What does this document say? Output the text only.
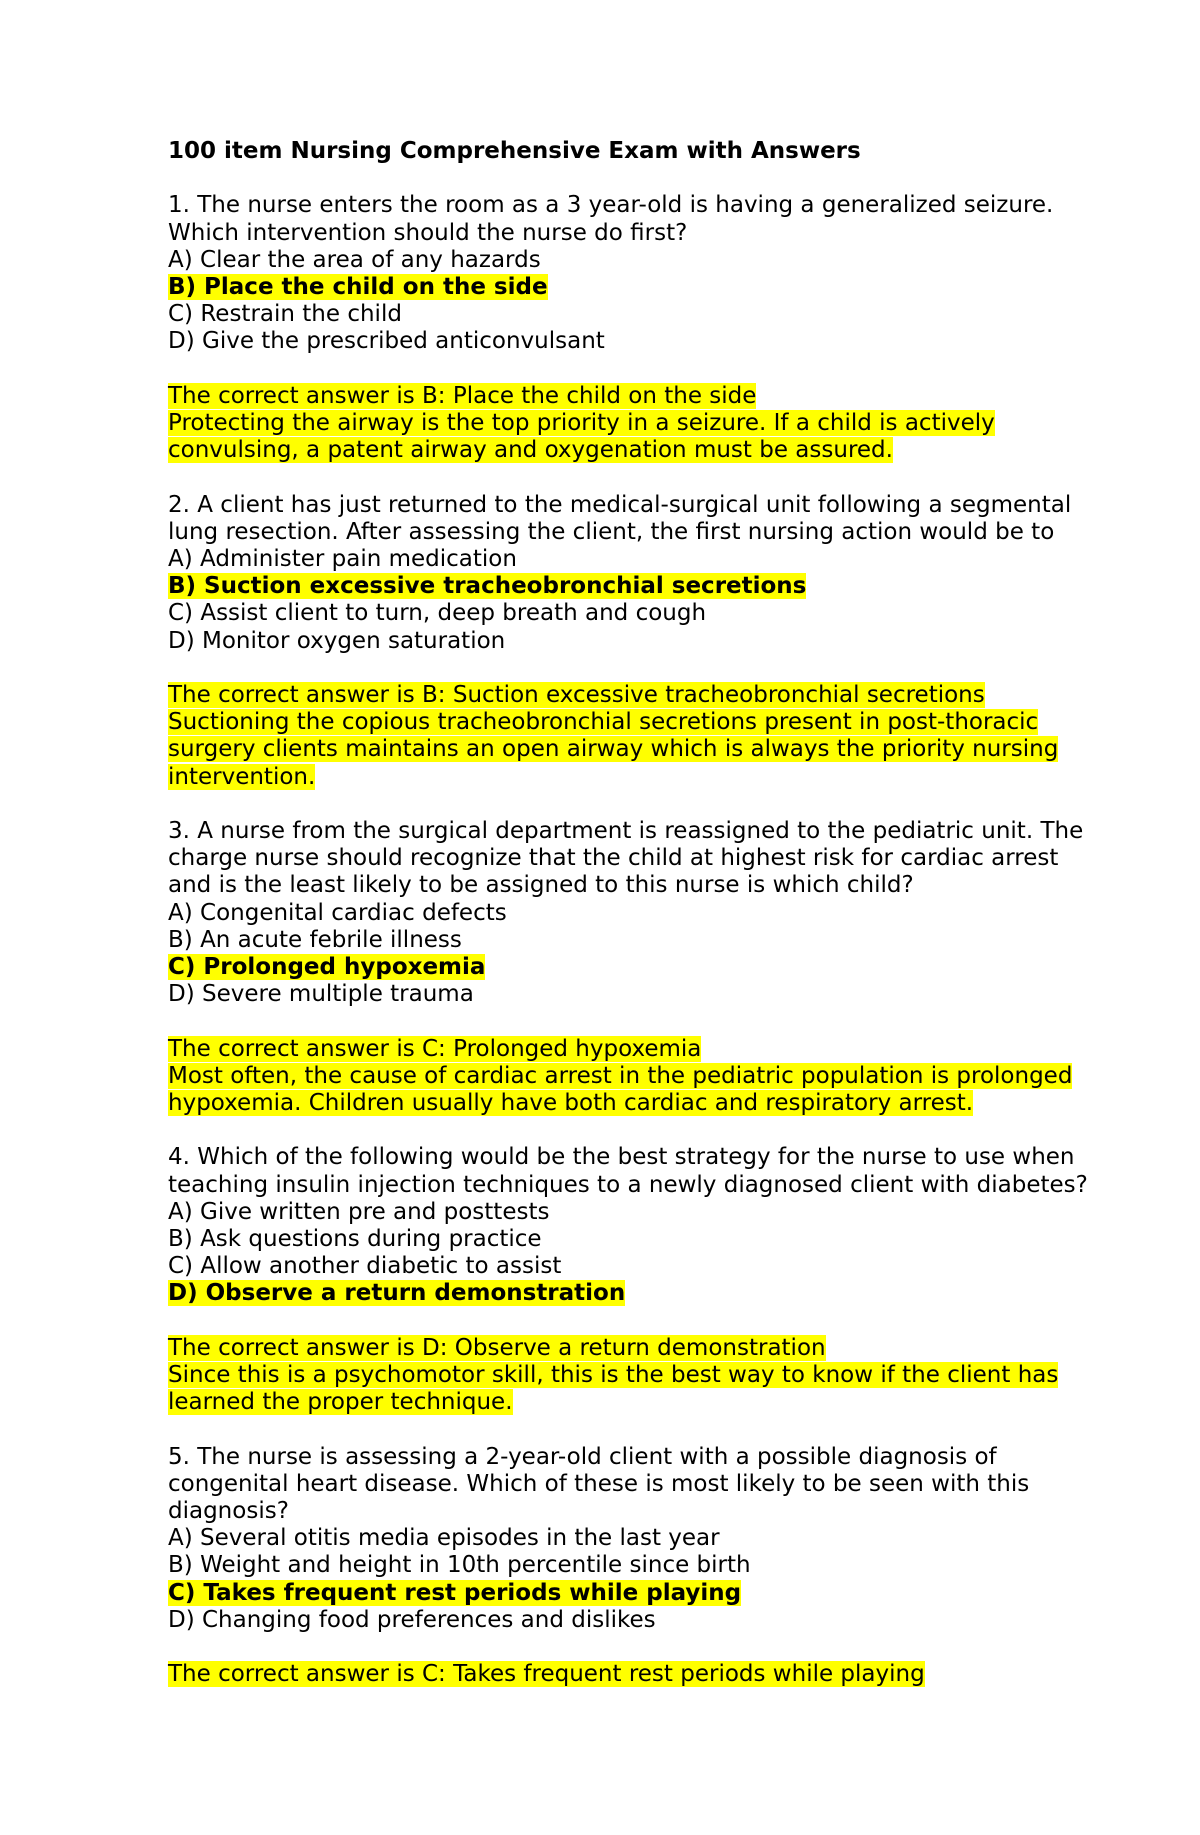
100 item Nursing Comprehensive Exam with Answers
1. The nurse enters the room as a 3 year-old is having a generalized seizure.
Which intervention should the nurse do first?
A) Clear the area of any hazards
B) Place the child on the side
C) Restrain the child
D) Give the prescribed anticonvulsant
The correct answer is B: Place the child on the side
Protecting the airway is the top priority in a seizure. If a child is actively
convulsing, a patent airway and oxygenation must be assured.
2. A client has just returned to the medical-surgical unit following a segmental
lung resection. After assessing the client, the first nursing action would be to
A) Administer pain medication
B) Suction excessive tracheobronchial secretions
C) Assist client to turn, deep breath and cough
D) Monitor oxygen saturation
The correct answer is B: Suction excessive tracheobronchial secretions
Suctioning the copious tracheobronchial secretions present in post-thoracic
surgery clients maintains an open airway which is always the priority nursing
intervention.
3. A nurse from the surgical department is reassigned to the pediatric unit. The
charge nurse should recognize that the child at highest risk for cardiac arrest
and is the least likely to be assigned to this nurse is which child?
A) Congenital cardiac defects
B) An acute febrile illness
C) Prolonged hypoxemia
D) Severe multiple trauma
The correct answer is C: Prolonged hypoxemia
Most often, the cause of cardiac arrest in the pediatric population is prolonged
hypoxemia. Children usually have both cardiac and respiratory arrest.
4. Which of the following would be the best strategy for the nurse to use when
teaching insulin injection techniques to a newly diagnosed client with diabetes?
A) Give written pre and posttests
B) Ask questions during practice
C) Allow another diabetic to assist
D) Observe a return demonstration
The correct answer is D: Observe a return demonstration
Since this is a psychomotor skill, this is the best way to know if the client has
learned the proper technique.
5. The nurse is assessing a 2-year-old client with a possible diagnosis of
congenital heart disease. Which of these is most likely to be seen with this
diagnosis?
A) Several otitis media episodes in the last year
B) Weight and height in 10th percentile since birth
C) Takes frequent rest periods while playing
D) Changing food preferences and dislikes
The correct answer is C: Takes frequent rest periods while playing
